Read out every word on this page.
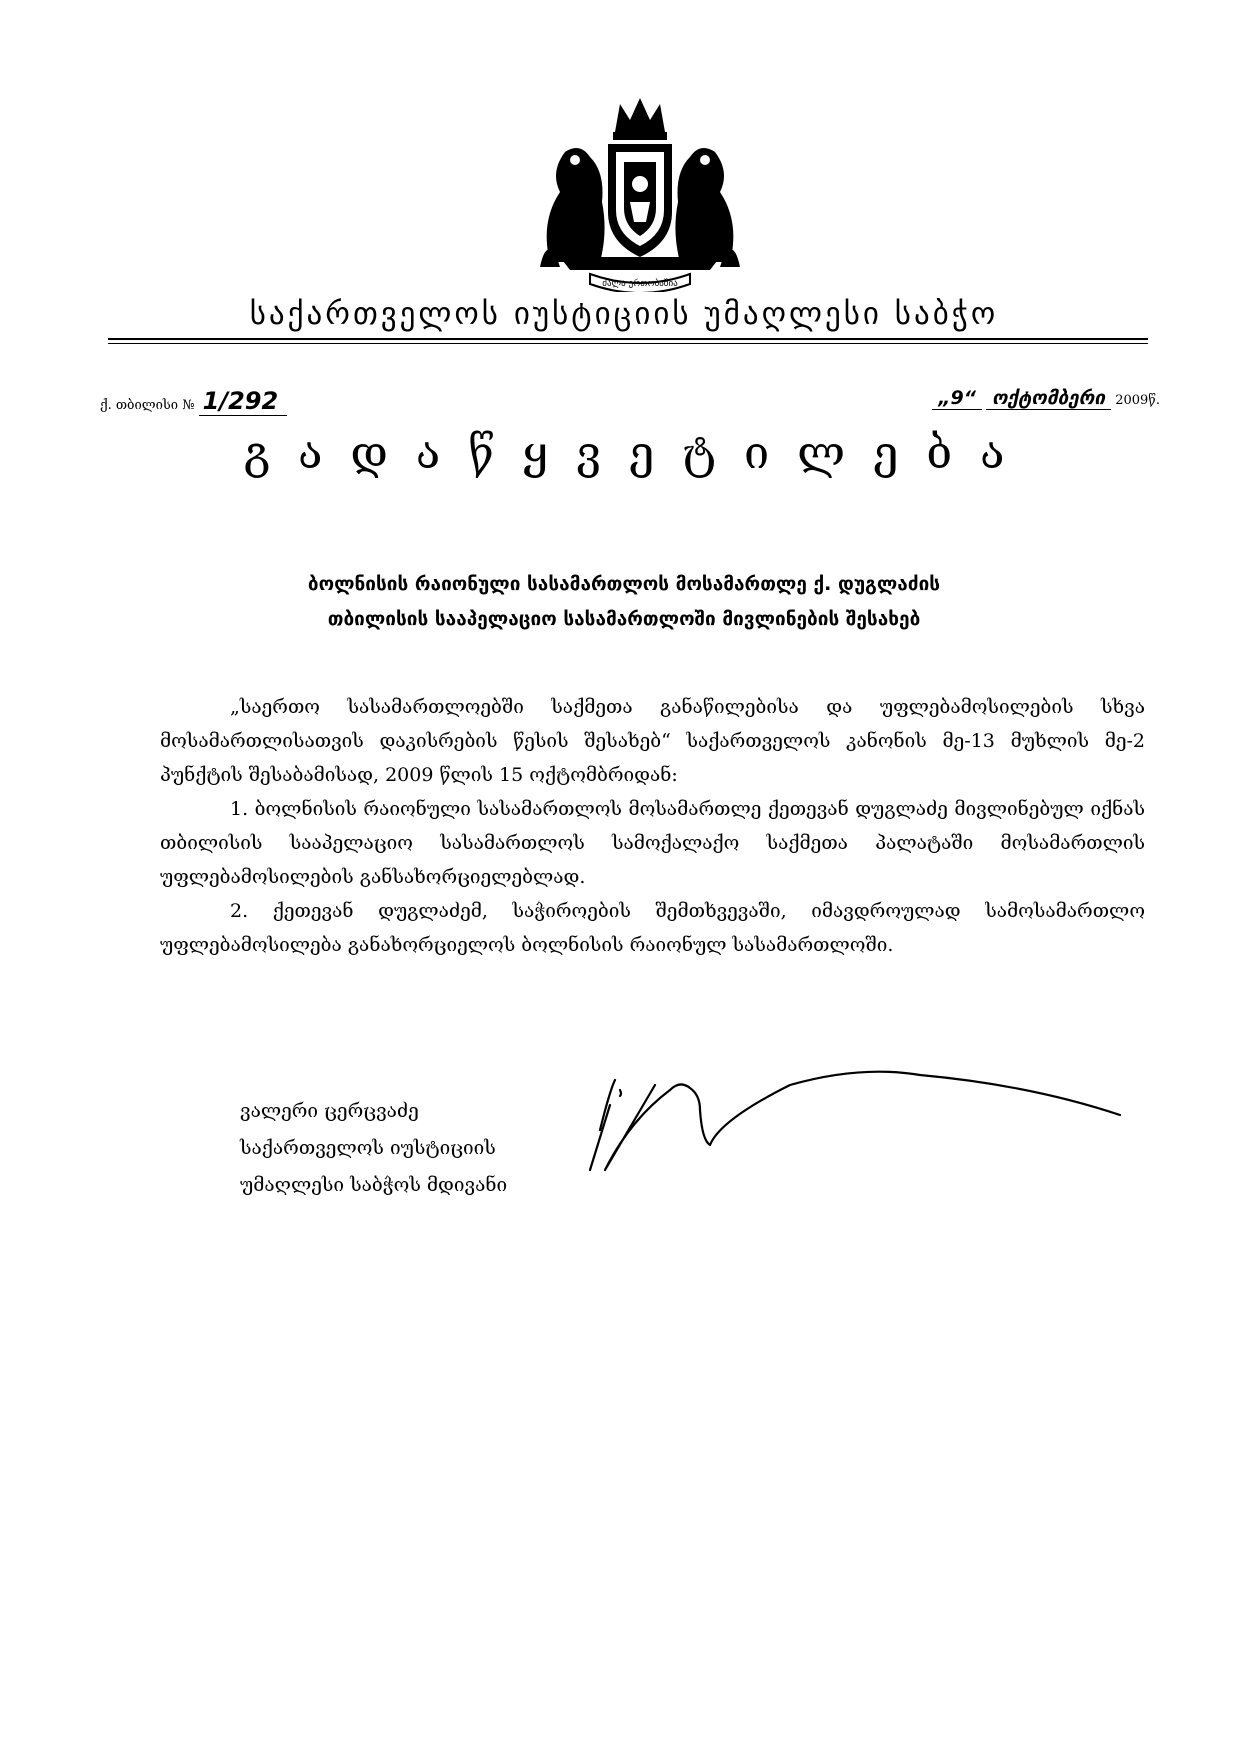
ძალა ერთობაშია
საქართველოს იუსტიციის უმაღლესი საბჭო
ქ. თბილისი № 1/292	„9“ ოქტომბერი 2009წ.
გადაწყვეტილება
ბოლნისის რაიონული სასამართლოს მოსამართლე ქ. დუგლაძის
თბილისის სააპელაციო სასამართლოში მივლინების შესახებ

„საერთო სასამართლოებში საქმეთა განაწილებისა და უფლებამოსილების სხვა მოსამართლისათვის დაკისრების წესის შესახებ“ საქართველოს კანონის მე-13 მუხლის მე-2 პუნქტის შესაბამისად, 2009 წლის 15 ოქტომბრიდან:

1. ბოლნისის რაიონული სასამართლოს მოსამართლე ქეთევან დუგლაძე მივლინებულ იქნას თბილისის სააპელაციო სასამართლოს სამოქალაქო საქმეთა პალატაში მოსამართლის უფლებამოსილების განსახორციელებლად.

2. ქეთევან დუგლაძემ, საჭიროების შემთხვევაში, იმავდროულად სამოსამართლო უფლებამოსილება განახორციელოს ბოლნისის რაიონულ სასამართლოში.

ვალერი ცერცვაძე
საქართველოს იუსტიციის
უმაღლესი საბჭოს მდივანი
